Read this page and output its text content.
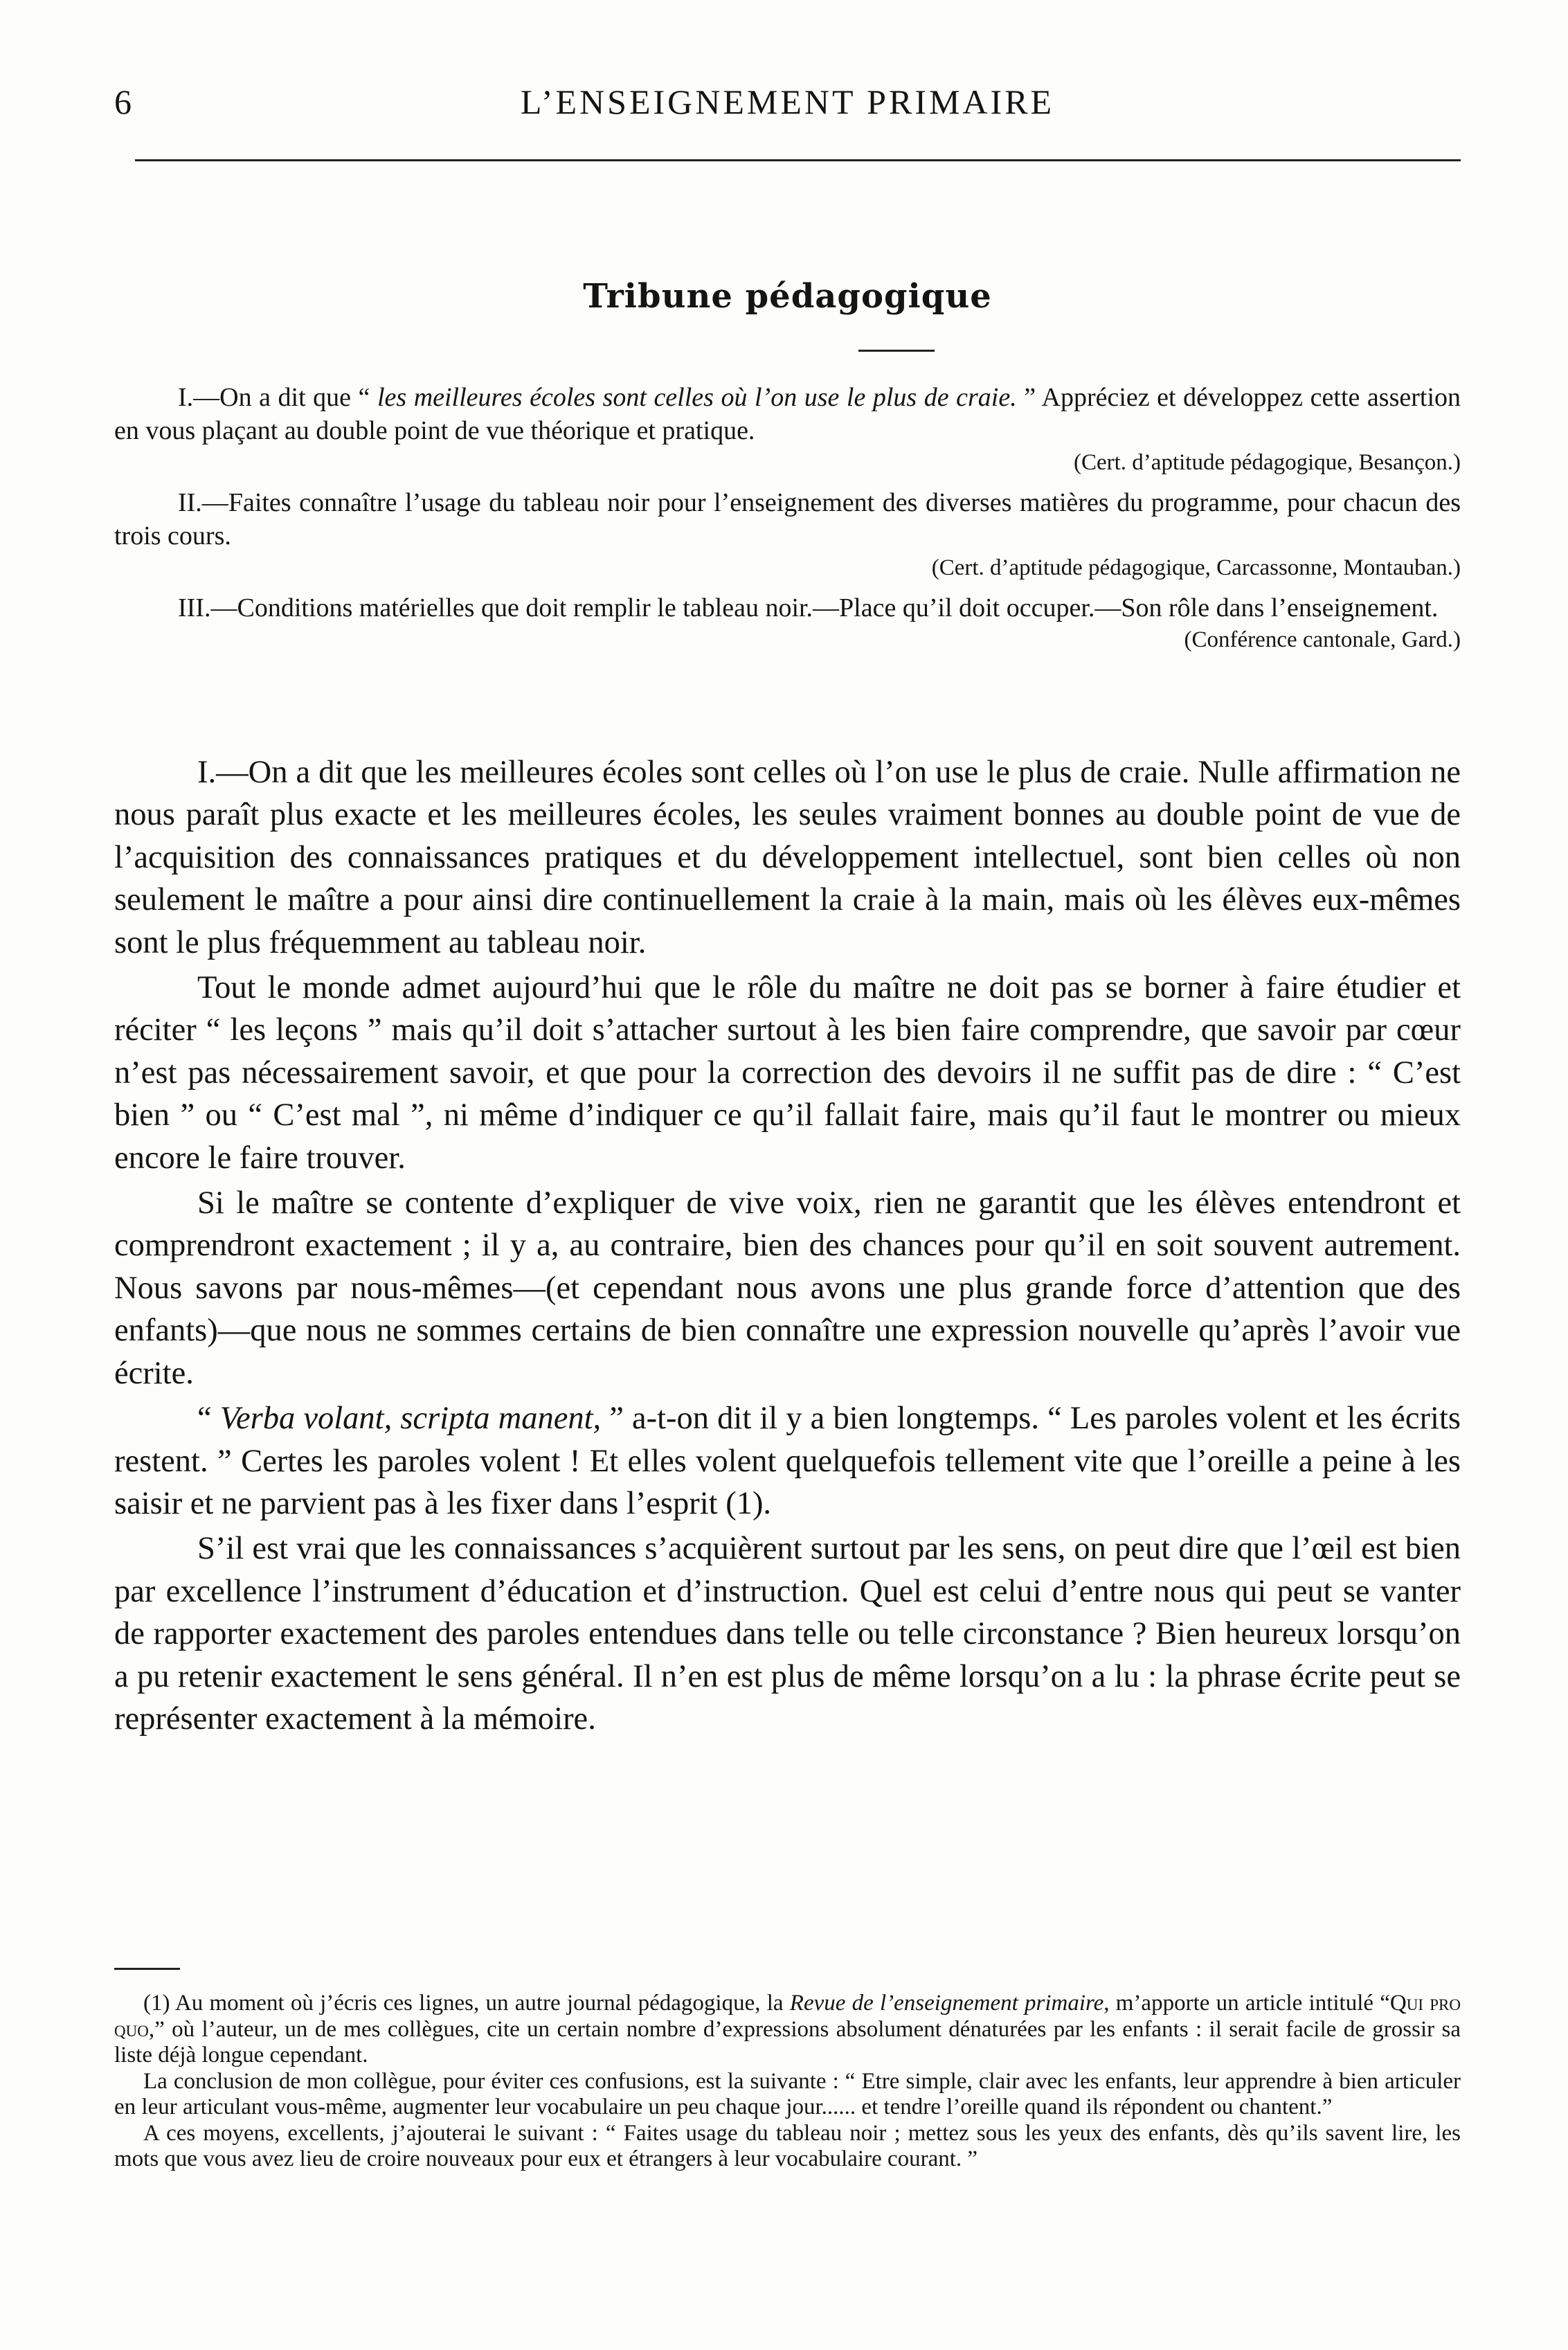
6	L’ENSEIGNEMENT PRIMAIRE
Tribune pédagogique

I.—On a dit que “ les meilleures écoles sont celles où l’on use le plus de craie. ” Appréciez et développez cette assertion en vous plaçant au double point de vue théorique et pratique.

(Cert. d’aptitude pédagogique, Besançon.)

II.—Faites connaître l’usage du tableau noir pour l’enseignement des diverses matières du programme, pour chacun des trois cours.

(Cert. d’aptitude pédagogique, Carcassonne, Montauban.)

III.—Conditions matérielles que doit remplir le tableau noir.—Place qu’il doit occuper.—Son rôle dans l’enseignement.

(Conférence cantonale, Gard.)

I.—On a dit que les meilleures écoles sont celles où l’on use le plus de craie. Nulle affirmation ne nous paraît plus exacte et les meilleures écoles, les seules vraiment bonnes au double point de vue de l’acquisition des connaissances pratiques et du développement intellectuel, sont bien celles où non seulement le maître a pour ainsi dire continuellement la craie à la main, mais où les élèves eux-mêmes sont le plus fréquemment au tableau noir.

Tout le monde admet aujourd’hui que le rôle du maître ne doit pas se borner à faire étudier et réciter “ les leçons ” mais qu’il doit s’attacher surtout à les bien faire comprendre, que savoir par cœur n’est pas nécessairement savoir, et que pour la correction des devoirs il ne suffit pas de dire : “ C’est bien ” ou “ C’est mal ”, ni même d’indiquer ce qu’il fallait faire, mais qu’il faut le montrer ou mieux encore le faire trouver.

Si le maître se contente d’expliquer de vive voix, rien ne garantit que les élèves entendront et comprendront exactement ; il y a, au contraire, bien des chances pour qu’il en soit souvent autrement. Nous savons par nous-mêmes—(et cependant nous avons une plus grande force d’attention que des enfants)—que nous ne sommes certains de bien connaître une expression nouvelle qu’après l’avoir vue écrite.

“ Verba volant, scripta manent, ” a-t-on dit il y a bien longtemps. “ Les paroles volent et les écrits restent. ” Certes les paroles volent ! Et elles volent quelquefois tellement vite que l’oreille a peine à les saisir et ne parvient pas à les fixer dans l’esprit (1).

S’il est vrai que les connaissances s’acquièrent surtout par les sens, on peut dire que l’œil est bien par excellence l’instrument d’éducation et d’instruction. Quel est celui d’entre nous qui peut se vanter de rapporter exactement des paroles entendues dans telle ou telle circonstance ? Bien heureux lorsqu’on a pu retenir exactement le sens général. Il n’en est plus de même lorsqu’on a lu : la phrase écrite peut se représenter exactement à la mémoire.

(1) Au moment où j’écris ces lignes, un autre journal pédagogique, la Revue de l’enseignement primaire, m’apporte un article intitulé “Qui pro quo,” où l’auteur, un de mes collègues, cite un certain nombre d’expressions absolument dénaturées par les enfants : il serait facile de grossir sa liste déjà longue cependant.

La conclusion de mon collègue, pour éviter ces confusions, est la suivante : “ Etre simple, clair avec les enfants, leur apprendre à bien articuler en leur articulant vous-même, augmenter leur vocabulaire un peu chaque jour...... et tendre l’oreille quand ils répondent ou chantent.”

A ces moyens, excellents, j’ajouterai le suivant : “ Faites usage du tableau noir ; mettez sous les yeux des enfants, dès qu’ils savent lire, les mots que vous avez lieu de croire nouveaux pour eux et étrangers à leur vocabulaire courant. ”
